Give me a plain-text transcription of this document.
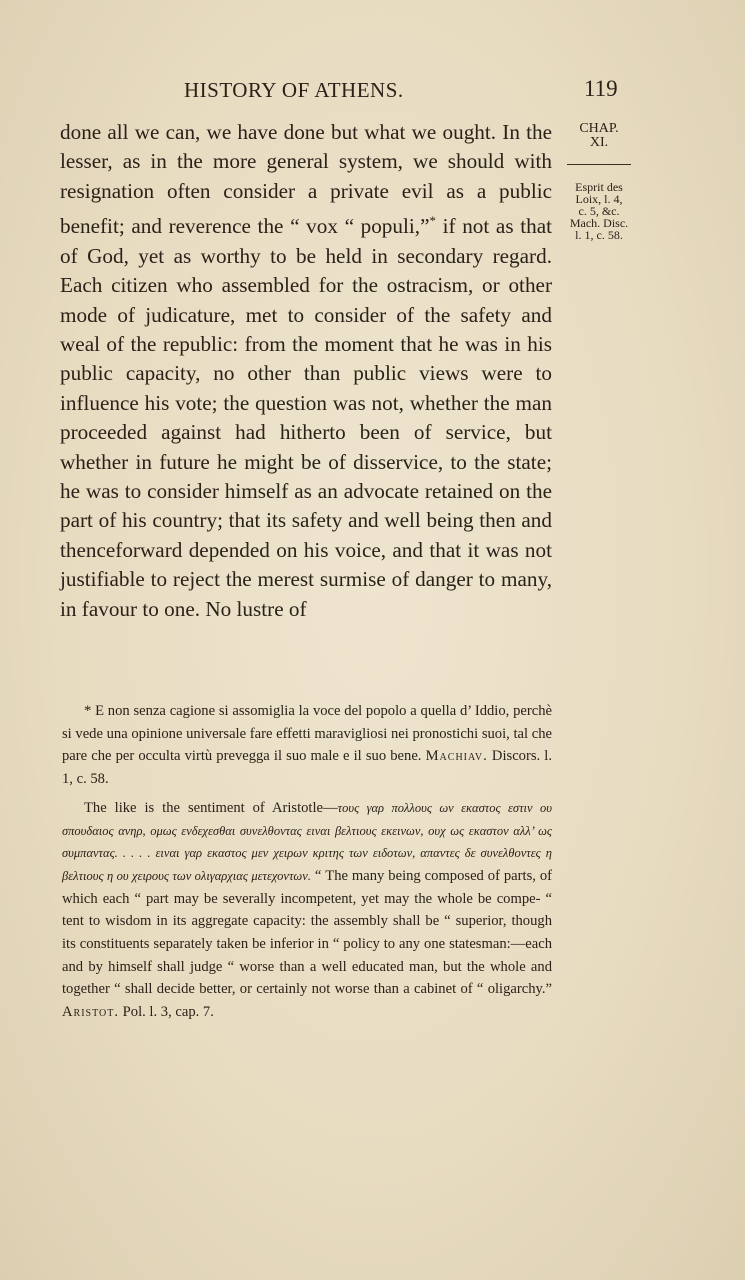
HISTORY OF ATHENS.	119
CHAP.
XI.
Esprit des
Loix, l. 4,
c. 5, &c.
Mach. Disc.
l. 1, c. 58.

done all we can, we have done but what we ought. In the lesser, as in the more general system, we should with resignation often consider a private evil as a public benefit; and reverence the “ vox “ populi,”* if not as that of God, yet as worthy to be held in secondary regard. Each citizen who assembled for the ostracism, or other mode of judicature, met to consider of the safety and weal of the republic: from the moment that he was in his public capacity, no other than public views were to influence his vote; the question was not, whether the man proceeded against had hitherto been of service, but whether in future he might be of disservice, to the state; he was to consider himself as an advocate retained on the part of his country; that its safety and well being then and thenceforward depended on his voice, and that it was not justifiable to reject the merest surmise of danger to many, in favour to one. No lustre of

* E non senza cagione si assomiglia la voce del popolo a quella d’ Iddio, perchè si vede una opinione universale fare effetti maravigliosi nei pronostichi suoi, tal che pare che per occulta virtù prevegga il suo male e il suo bene. Machiav. Discors. l. 1, c. 58.

The like is the sentiment of Aristotle—τους γαρ πολλους ων εκαστος εστιν ου σπουδαιος ανηρ, ομως ενδεχεσθαι συνελθοντας ειναι βελτιους εκεινων, ουχ ως εκαστον αλλ’ ως συμπαντας. . . . . ειναι γαρ εκαστος μεν χειρων κριτης των ειδοτων, απαντες δε συνελθοντες η βελτιους η ου χειρους των ολιγαρχιας μετεχοντων. “ The many being composed of parts, of which each “ part may be severally incompetent, yet may the whole be compe- “ tent to wisdom in its aggregate capacity: the assembly shall be “ superior, though its constituents separately taken be inferior in “ policy to any one statesman:—each and by himself shall judge “ worse than a well educated man, but the whole and together “ shall decide better, or certainly not worse than a cabinet of “ oligarchy.” Aristot. Pol. l. 3, cap. 7.
